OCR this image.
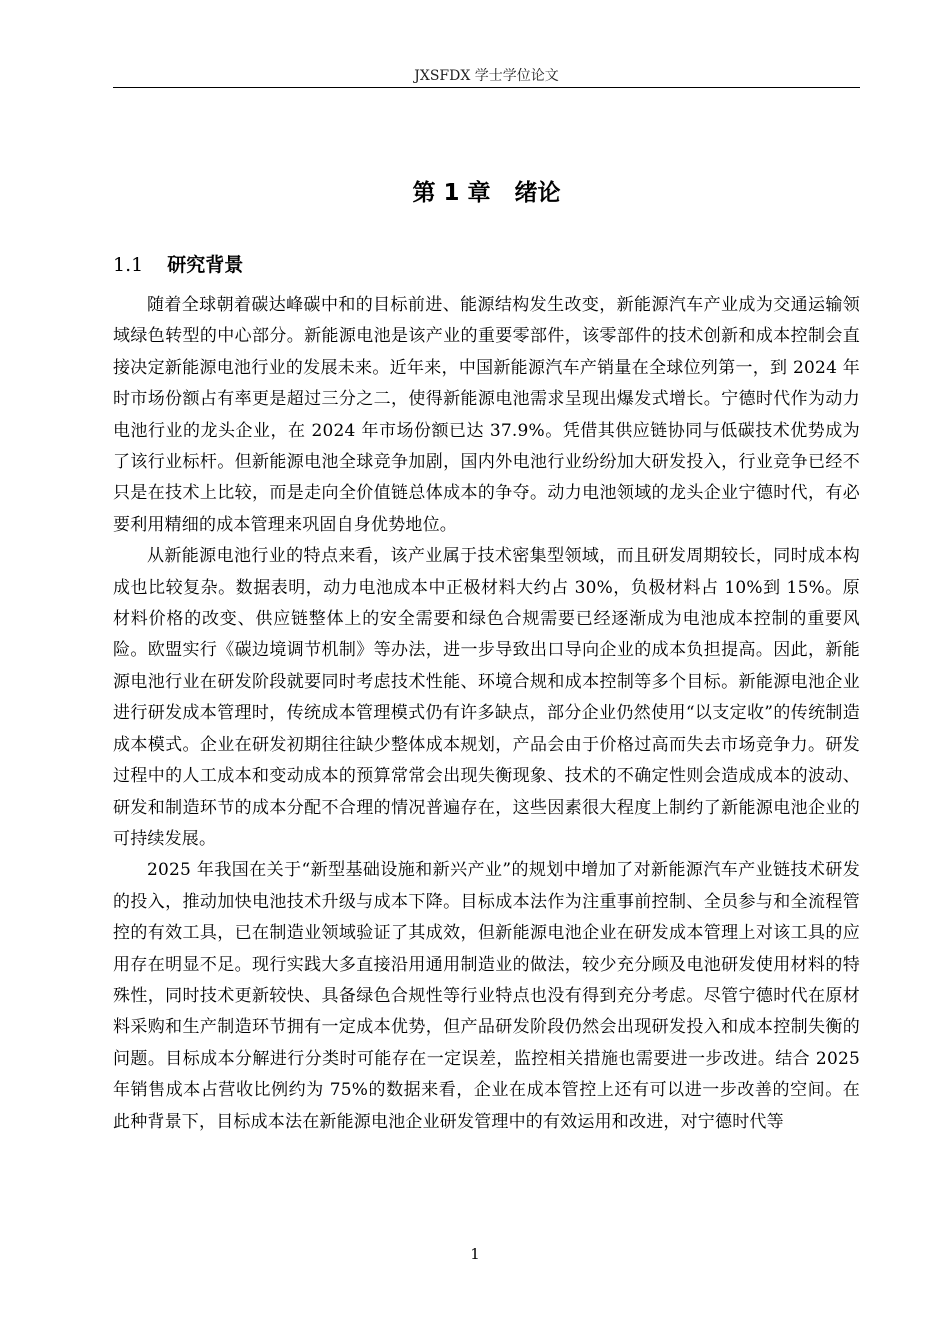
JXSFDX 学士学位论文
第 1 章 绪论
1.1 研究背景

随着全球朝着碳达峰碳中和的目标前进、能源结构发生改变，新能源汽车产业成为交通运输领域绿色转型的中心部分。新能源电池是该产业的重要零部件，该零部件的技术创新和成本控制会直接决定新能源电池行业的发展未来。近年来，中国新能源汽车产销量在全球位列第一，到 2024 年时市场份额占有率更是超过三分之二，使得新能源电池需求呈现出爆发式增长。宁德时代作为动力电池行业的龙头企业，在 2024 年市场份额已达 37.9%。凭借其供应链协同与低碳技术优势成为了该行业标杆。但新能源电池全球竞争加剧，国内外电池行业纷纷加大研发投入，行业竞争已经不只是在技术上比较，而是走向全价值链总体成本的争夺。动力电池领域的龙头企业宁德时代，有必要利用精细的成本管理来巩固自身优势地位。

从新能源电池行业的特点来看，该产业属于技术密集型领域，而且研发周期较长，同时成本构成也比较复杂。数据表明，动力电池成本中正极材料大约占 30%，负极材料占 10%到 15%。原材料价格的改变、供应链整体上的安全需要和绿色合规需要已经逐渐成为电池成本控制的重要风险。欧盟实行《碳边境调节机制》等办法，进一步导致出口导向企业的成本负担提高。因此，新能源电池行业在研发阶段就要同时考虑技术性能、环境合规和成本控制等多个目标。新能源电池企业进行研发成本管理时，传统成本管理模式仍有许多缺点，部分企业仍然使用“以支定收”的传统制造成本模式。企业在研发初期往往缺少整体成本规划，产品会由于价格过高而失去市场竞争力。研发过程中的人工成本和变动成本的预算常常会出现失衡现象、技术的不确定性则会造成成本的波动、研发和制造环节的成本分配不合理的情况普遍存在，这些因素很大程度上制约了新能源电池企业的可持续发展。

2025 年我国在关于“新型基础设施和新兴产业”的规划中增加了对新能源汽车产业链技术研发的投入，推动加快电池技术升级与成本下降。目标成本法作为注重事前控制、全员参与和全流程管控的有效工具，已在制造业领域验证了其成效，但新能源电池企业在研发成本管理上对该工具的应用存在明显不足。现行实践大多直接沿用通用制造业的做法，较少充分顾及电池研发使用材料的特殊性，同时技术更新较快、具备绿色合规性等行业特点也没有得到充分考虑。尽管宁德时代在原材料采购和生产制造环节拥有一定成本优势，但产品研发阶段仍然会出现研发投入和成本控制失衡的问题。目标成本分解进行分类时可能存在一定误差，监控相关措施也需要进一步改进。结合 2025 年销售成本占营收比例约为 75%的数据来看，企业在成本管控上还有可以进一步改善的空间。在此种背景下，目标成本法在新能源电池企业研发管理中的有效运用和改进，对宁德时代等

1
